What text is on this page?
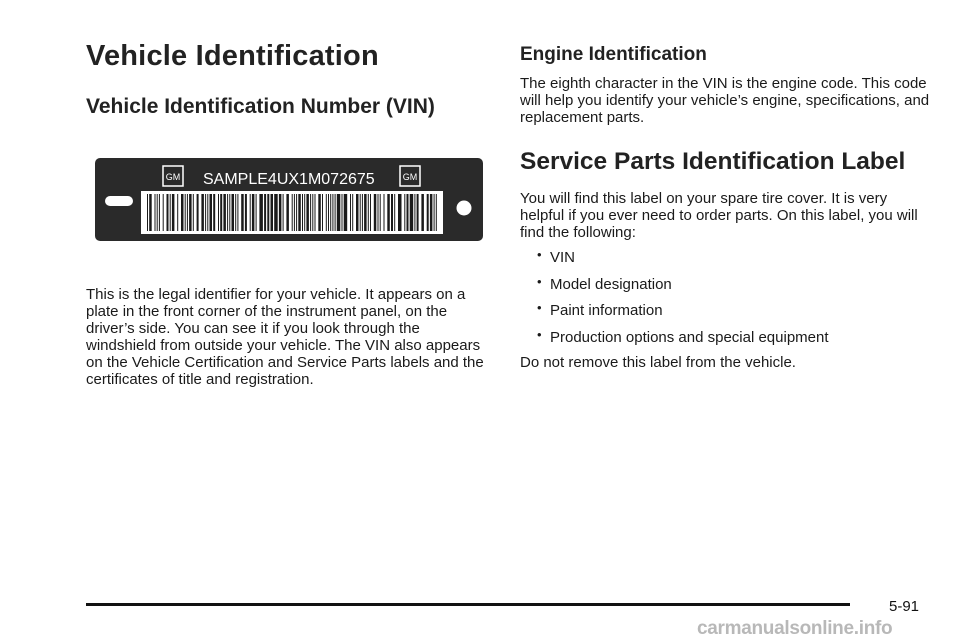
Vehicle Identification
Vehicle Identification Number (VIN)
GM	GM
SAMPLE4UX1M072675

This is the legal identifier for your vehicle. It appears on a plate in the front corner of the instrument panel, on the driver’s side. You can see it if you look through the windshield from outside your vehicle. The VIN also appears on the Vehicle Certification and Service Parts labels and the certificates of title and registration.

Engine Identification

The eighth character in the VIN is the engine code. This code will help you identify your vehicle’s engine, specifications, and replacement parts.

Service Parts Identification Label

You will find this label on your spare tire cover. It is very helpful if you ever need to order parts. On this label, you will find the following:

• VIN
• Model designation
• Paint information
• Production options and special equipment

Do not remove this label from the vehicle.

5-91
carmanualsonline.info
